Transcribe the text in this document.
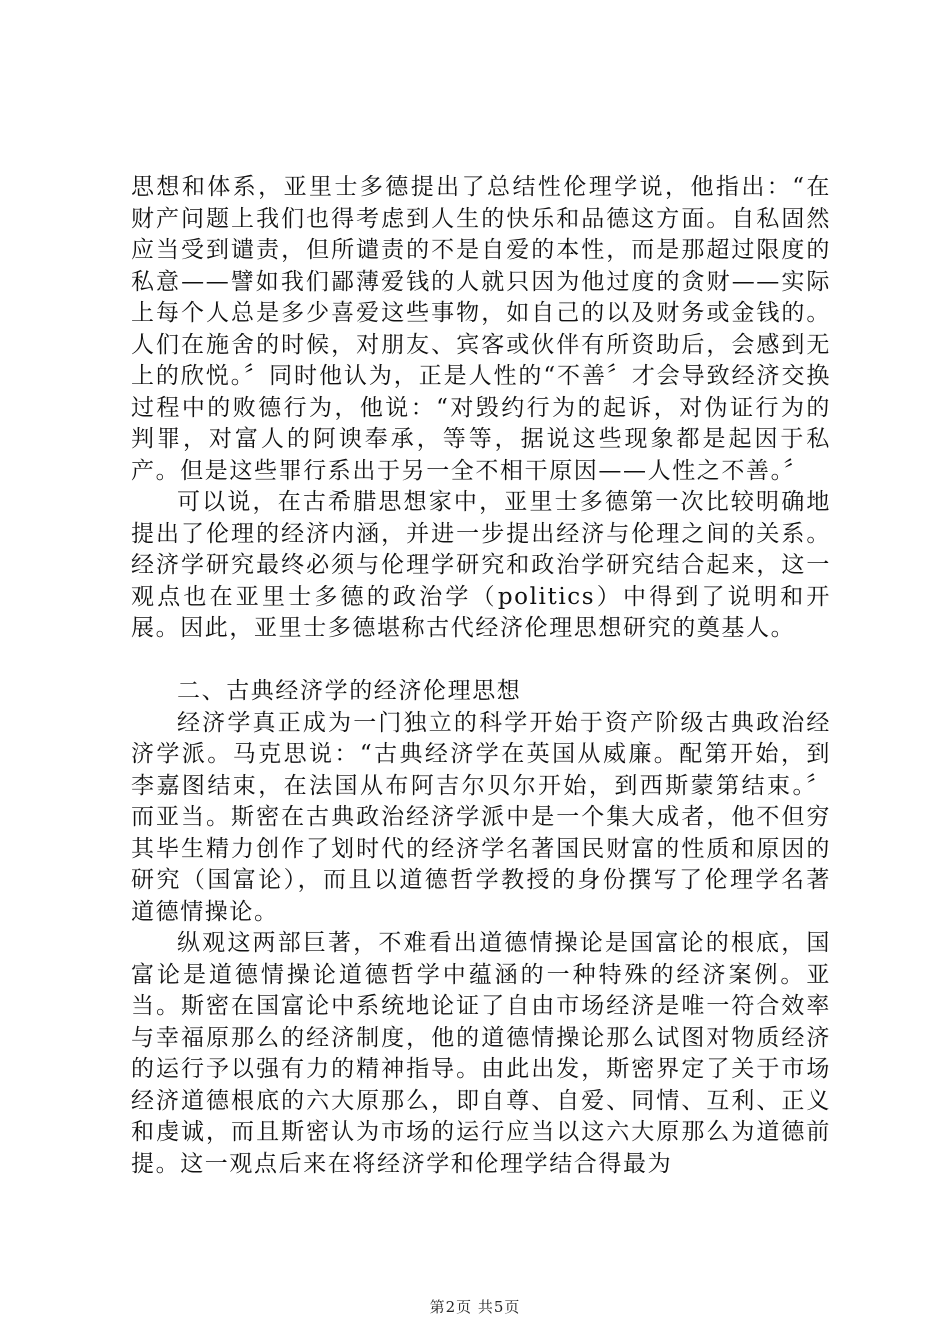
思想和体系，亚里士多德提出了总结性伦理学说，他指出：“在财产问题上我们也得考虑到人生的快乐和品德这方面。自私固然应当受到谴责，但所谴责的不是自爱的本性，而是那超过限度的私意——譬如我们鄙薄爱钱的人就只因为他过度的贪财——实际上每个人总是多少喜爱这些事物，如自己的以及财务或金钱的。人们在施舍的时候，对朋友、宾客或伙伴有所资助后，会感到无上的欣悦。〞同时他认为，正是人性的“不善〞才会导致经济交换过程中的败德行为，他说：“对毁约行为的起诉，对伪证行为的判罪，对富人的阿谀奉承，等等，据说这些现象都是起因于私产。但是这些罪行系出于另一全不相干原因——人性之不善。〞

可以说，在古希腊思想家中，亚里士多德第一次比较明确地提出了伦理的经济内涵，并进一步提出经济与伦理之间的关系。经济学研究最终必须与伦理学研究和政治学研究结合起来，这一观点也在亚里士多德的政治学（politics）中得到了说明和开展。因此，亚里士多德堪称古代经济伦理思想研究的奠基人。

二、古典经济学的经济伦理思想

经济学真正成为一门独立的科学开始于资产阶级古典政治经济学派。马克思说：“古典经济学在英国从威廉。配第开始，到李嘉图结束，在法国从布阿吉尔贝尔开始，到西斯蒙第结束。〞而亚当。斯密在古典政治经济学派中是一个集大成者，他不但穷其毕生精力创作了划时代的经济学名著国民财富的性质和原因的研究（国富论），而且以道德哲学教授的身份撰写了伦理学名著道德情操论。

纵观这两部巨著，不难看出道德情操论是国富论的根底，国富论是道德情操论道德哲学中蕴涵的一种特殊的经济案例。亚当。斯密在国富论中系统地论证了自由市场经济是唯一符合效率与幸福原那么的经济制度，他的道德情操论那么试图对物质经济的运行予以强有力的精神指导。由此出发，斯密界定了关于市场经济道德根底的六大原那么，即自尊、自爱、同情、互利、正义和虔诚，而且斯密认为市场的运行应当以这六大原那么为道德前提。这一观点后来在将经济学和伦理学结合得最为

第2页 共5页
